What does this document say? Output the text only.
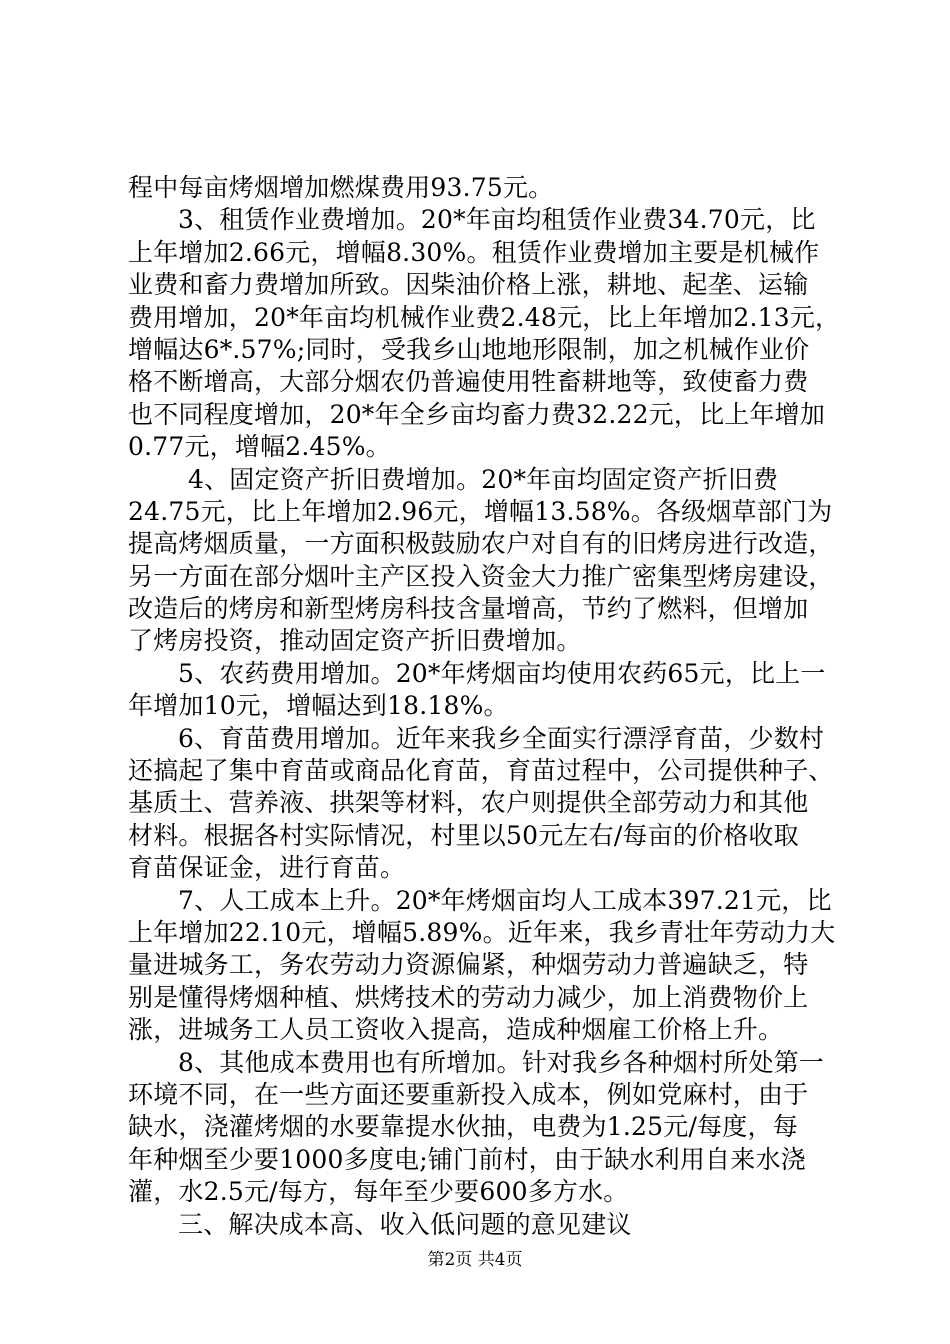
程中每亩烤烟增加燃煤费用93.75元。
3、租赁作业费增加。20*年亩均租赁作业费34.70元，比
上年增加2.66元，增幅8.30%。租赁作业费增加主要是机械作
业费和畜力费增加所致。因柴油价格上涨，耕地、起垄、运输
费用增加，20*年亩均机械作业费2.48元，比上年增加2.13元，
增幅达6*.57%;同时，受我乡山地地形限制，加之机械作业价
格不断增高，大部分烟农仍普遍使用牲畜耕地等，致使畜力费
也不同程度增加，20*年全乡亩均畜力费32.22元，比上年增加
0.77元，增幅2.45%。
4、固定资产折旧费增加。20*年亩均固定资产折旧费
24.75元，比上年增加2.96元，增幅13.58%。各级烟草部门为
提高烤烟质量，一方面积极鼓励农户对自有的旧烤房进行改造，
另一方面在部分烟叶主产区投入资金大力推广密集型烤房建设，
改造后的烤房和新型烤房科技含量增高，节约了燃料，但增加
了烤房投资，推动固定资产折旧费增加。
5、农药费用增加。20*年烤烟亩均使用农药65元，比上一
年增加10元，增幅达到18.18%。
6、育苗费用增加。近年来我乡全面实行漂浮育苗，少数村
还搞起了集中育苗或商品化育苗，育苗过程中，公司提供种子、
基质土、营养液、拱架等材料，农户则提供全部劳动力和其他
材料。根据各村实际情况，村里以50元左右/每亩的价格收取
育苗保证金，进行育苗。
7、人工成本上升。20*年烤烟亩均人工成本397.21元，比
上年增加22.10元，增幅5.89%。近年来，我乡青壮年劳动力大
量进城务工，务农劳动力资源偏紧，种烟劳动力普遍缺乏，特
别是懂得烤烟种植、烘烤技术的劳动力减少，加上消费物价上
涨，进城务工人员工资收入提高，造成种烟雇工价格上升。
8、其他成本费用也有所增加。针对我乡各种烟村所处第一
环境不同，在一些方面还要重新投入成本，例如党麻村，由于
缺水，浇灌烤烟的水要靠提水伙抽，电费为1.25元/每度，每
年种烟至少要1000多度电;铺门前村，由于缺水利用自来水浇
灌，水2.5元/每方，每年至少要600多方水。
三、解决成本高、收入低问题的意见建议
第2页 共4页
